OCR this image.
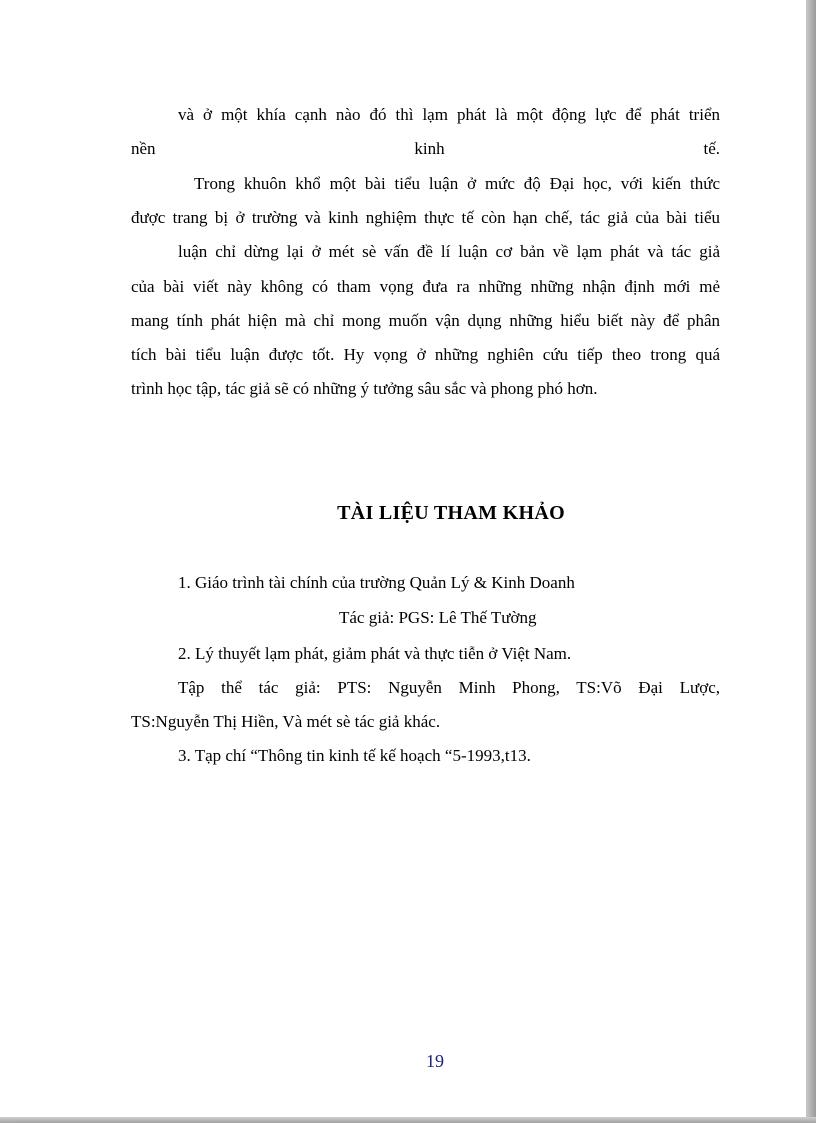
và ở một khía cạnh nào đó thì lạm phát là một động lực để phát triển
nền kinh tế.
Trong khuôn khổ một bài tiểu luận ở mức độ Đại học, với kiến thức
được trang bị ở trường và kinh nghiệm thực tế còn hạn chế, tác giả của bài tiểu
luận chỉ dừng lại ở mét sè vấn đề lí luận cơ bản về lạm phát và tác giả
của bài viết này không có tham vọng đưa ra những những nhận định mới mẻ
mang tính phát hiện mà chỉ mong muốn vận dụng những hiểu biết này để phân
tích bài tiểu luận được tốt. Hy vọng ở những nghiên cứu tiếp theo trong quá
trình học tập, tác giả sẽ có những ý tưởng sâu sắc và phong phó hơn.
TÀI LIỆU THAM KHẢO
1. Giáo trình tài chính của trường Quản Lý & Kinh Doanh
Tác giả: PGS: Lê Thế Tường
2. Lý thuyết lạm phát, giảm phát và thực tiễn ở Việt Nam.
Tập thể tác giả: PTS: Nguyễn Minh Phong, TS:Võ Đại Lược,
TS:Nguyễn Thị Hiền, Và mét sè tác giả khác.
3. Tạp chí “Thông tin kinh tế kế hoạch “5-1993,t13.
19
